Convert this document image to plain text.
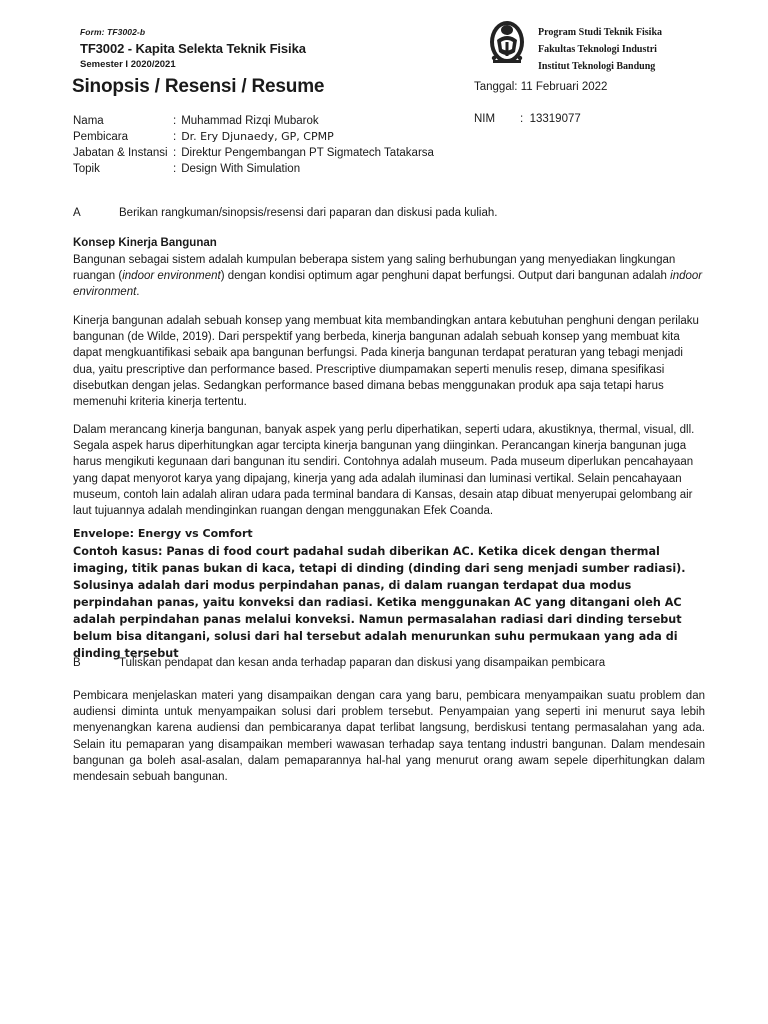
Form: TF3002-b
TF3002 - Kapita Selekta Teknik Fisika
Semester I 2020/2021
Sinopsis / Resensi / Resume	Tanggal: 11 Februari 2022
Program Studi Teknik Fisika
Fakultas Teknologi Industri
Institut Teknologi Bandung
Nama	:
Muhammad Rizqi Mubarok
Pembicara	:
Dr. Ery Djunaedy, GP, CPMP
Jabatan & Instansi :
Direktur Pengembangan PT Sigmatech Tatakarsa
Topik	:
Design With Simulation
NIM	:
13319077
A	Berikan rangkuman/sinopsis/resensi dari paparan dan diskusi pada kuliah.
Konsep Kinerja Bangunan

Bangunan sebagai sistem adalah kumpulan beberapa sistem yang saling berhubungan yang menyediakan lingkungan ruangan (indoor environment) dengan kondisi optimum agar penghuni dapat berfungsi. Output dari bangunan adalah indoor environment.

Kinerja bangunan adalah sebuah konsep yang membuat kita membandingkan antara kebutuhan penghuni dengan perilaku bangunan (de Wilde, 2019). Dari perspektif yang berbeda, kinerja bangunan adalah sebuah konsep yang membuat kita dapat mengkuantifikasi sebaik apa bangunan berfungsi. Pada kinerja bangunan terdapat peraturan yang tebagi menjadi dua, yaitu prescriptive dan performance based. Prescriptive diumpamakan seperti menulis resep, dimana spesifikasi disebutkan dengan jelas. Sedangkan performance based dimana bebas menggunakan produk apa saja tetapi harus memenuhi kriteria kinerja tertentu.

Dalam merancang kinerja bangunan, banyak aspek yang perlu diperhatikan, seperti udara, akustiknya, thermal, visual, dll. Segala aspek harus diperhitungkan agar tercipta kinerja bangunan yang diinginkan. Perancangan kinerja bangunan juga harus mengikuti kegunaan dari bangunan itu sendiri. Contohnya adalah museum. Pada museum diperlukan pencahayaan yang dapat menyorot karya yang dipajang, kinerja yang ada adalah iluminasi dan luminasi vertikal. Selain pencahayaan museum, contoh lain adalah aliran udara pada terminal bandara di Kansas, desain atap dibuat menyerupai gelombang air laut tujuannya adalah mendinginkan ruangan dengan menggunakan Efek Coanda.

Envelope: Energy vs Comfort

Contoh kasus: Panas di food court padahal sudah diberikan AC. Ketika dicek dengan thermal imaging, titik panas bukan di kaca, tetapi di dinding (dinding dari seng menjadi sumber radiasi). Solusinya adalah dari modus perpindahan panas, di dalam ruangan terdapat dua modus perpindahan panas, yaitu konveksi dan radiasi. Ketika menggunakan AC yang ditangani oleh AC adalah perpindahan panas melalui konveksi. Namun permasalahan radiasi dari dinding tersebut belum bisa ditangani, solusi dari hal tersebut adalah menurunkan suhu permukaan yang ada di dinding tersebut

B	Tuliskan pendapat dan kesan anda terhadap paparan dan diskusi yang disampaikan pembicara

Pembicara menjelaskan materi yang disampaikan dengan cara yang baru, pembicara menyampaikan suatu problem dan audiensi diminta untuk menyampaikan solusi dari problem tersebut. Penyampaian yang seperti ini menurut saya lebih menyenangkan karena audiensi dan pembicaranya dapat terlibat langsung, berdiskusi tentang permasalahan yang ada. Selain itu pemaparan yang disampaikan memberi wawasan terhadap saya tentang industri bangunan. Dalam mendesain bangunan ga boleh asal-asalan, dalam pemaparannya hal-hal yang menurut orang awam sepele diperhitungkan dalam mendesain sebuah bangunan.
